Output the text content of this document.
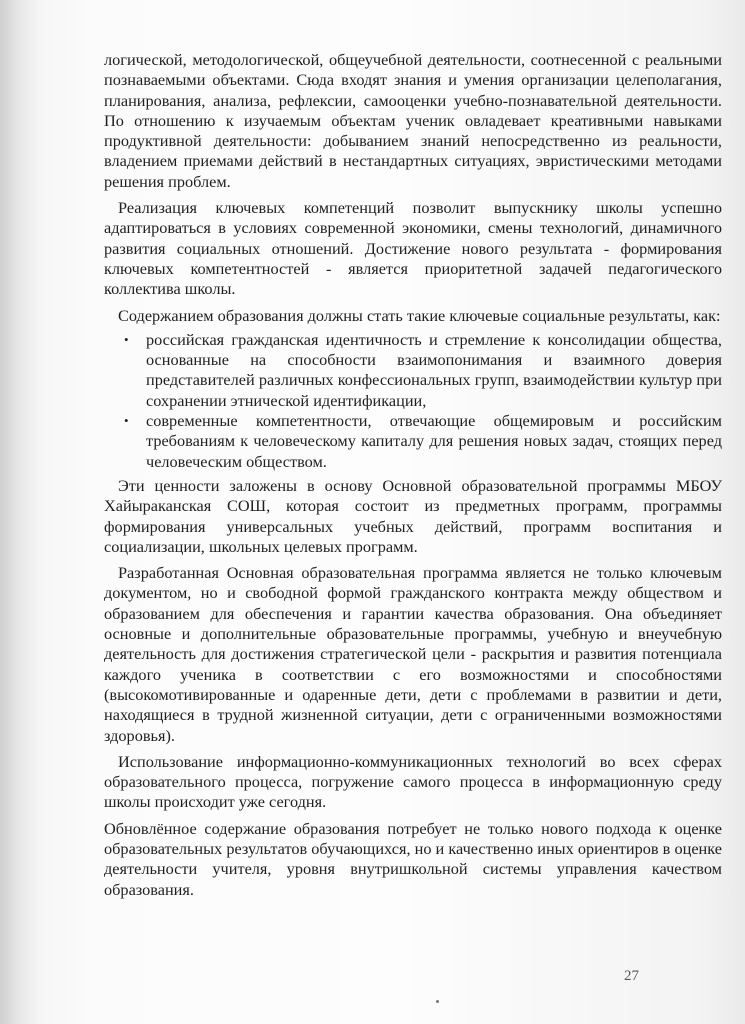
логической, методологической, общеучебной деятельности, соотнесенной с реальными познаваемыми объектами. Сюда входят знания и умения организации целеполагания, планирования, анализа, рефлексии, самооценки учебно-познавательной деятельности. По отношению к изучаемым объектам ученик овладевает креативными навыками продуктивной деятельности: добыванием знаний непосредственно из реальности, владением приемами действий в нестандартных ситуациях, эвристическими методами решения проблем.

Реализация ключевых компетенций позволит выпускнику школы успешно адаптироваться в условиях современной экономики, смены технологий, динамичного развития социальных отношений. Достижение нового результата - формирования ключевых компетентностей - является приоритетной задачей педагогического коллектива школы.

Содержанием образования должны стать такие ключевые социальные результаты, как:

• российская гражданская идентичность и стремление к консолидации общества, основанные на способности взаимопонимания и взаимного доверия представителей различных конфессиональных групп, взаимодействии культур при сохранении этнической идентификации,
• современные компетентности, отвечающие общемировым и российским требованиям к человеческому капиталу для решения новых задач, стоящих перед человеческим обществом.

Эти ценности заложены в основу Основной образовательной программы МБОУ Хайыраканская СОШ, которая состоит из предметных программ, программы формирования универсальных учебных действий, программ воспитания и социализации, школьных целевых программ.

Разработанная Основная образовательная программа является не только ключевым документом, но и свободной формой гражданского контракта между обществом и образованием для обеспечения и гарантии качества образования. Она объединяет основные и дополнительные образовательные программы, учебную и внеучебную деятельность для достижения стратегической цели - раскрытия и развития потенциала каждого ученика в соответствии с его возможностями и способностями (высокомотивированные и одаренные дети, дети с проблемами в развитии и дети, находящиеся в трудной жизненной ситуации, дети с ограниченными возможностями здоровья).

Использование информационно-коммуникационных технологий во всех сферах образовательного процесса, погружение самого процесса в информационную среду школы происходит уже сегодня.

Обновлённое содержание образования потребует не только нового подхода к оценке образовательных результатов обучающихся, но и качественно иных ориентиров в оценке деятельности учителя, уровня внутришкольной системы управления качеством образования.

27
